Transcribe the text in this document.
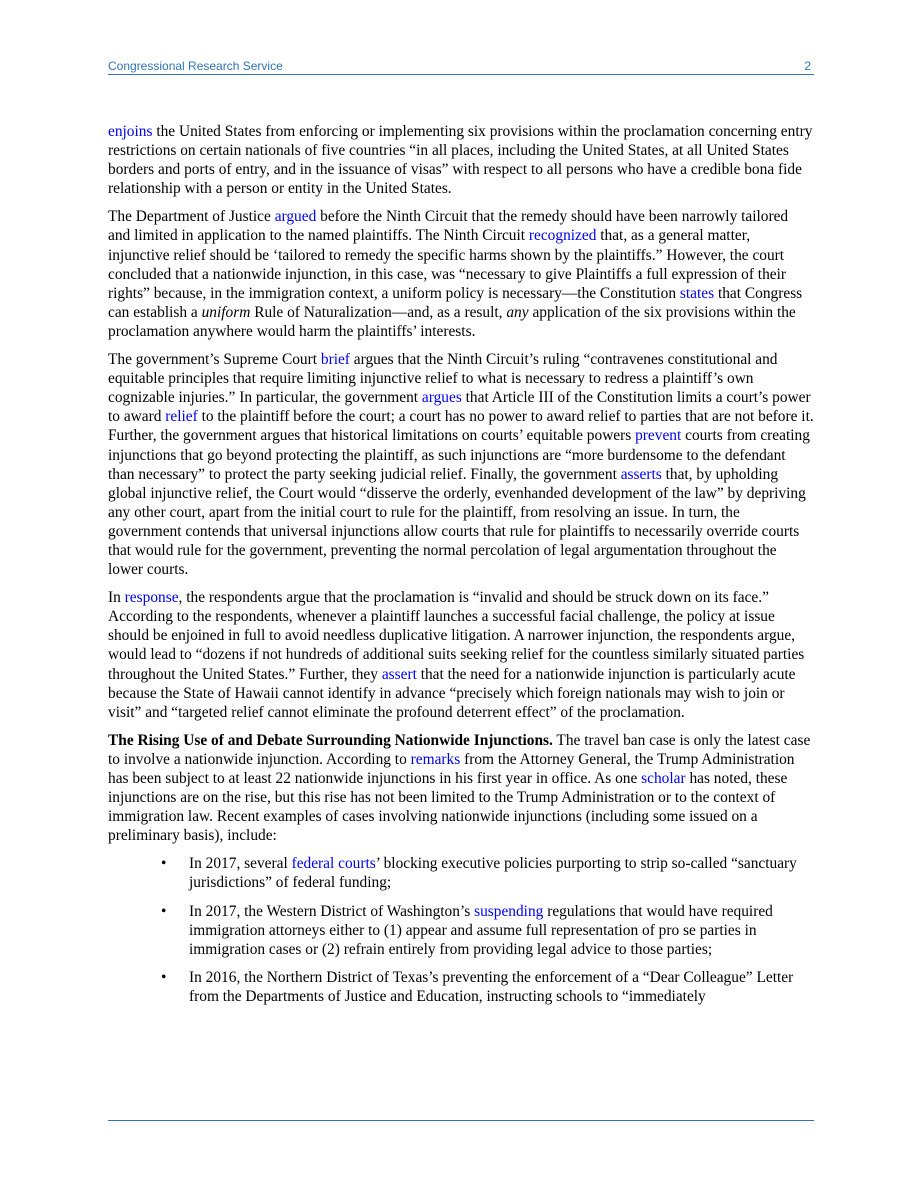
Congressional Research Service	2

enjoins the United States from enforcing or implementing six provisions within the proclamation concerning entry restrictions on certain nationals of five countries “in all places, including the United States, at all United States borders and ports of entry, and in the issuance of visas” with respect to all persons who have a credible bona fide relationship with a person or entity in the United States.

The Department of Justice argued before the Ninth Circuit that the remedy should have been narrowly tailored and limited in application to the named plaintiffs. The Ninth Circuit recognized that, as a general matter, injunctive relief should be ‘tailored to remedy the specific harms shown by the plaintiffs.” However, the court concluded that a nationwide injunction, in this case, was “necessary to give Plaintiffs a full expression of their rights” because, in the immigration context, a uniform policy is necessary—the Constitution states that Congress can establish a uniform Rule of Naturalization—and, as a result, any application of the six provisions within the proclamation anywhere would harm the plaintiffs’ interests.

The government’s Supreme Court brief argues that the Ninth Circuit’s ruling “contravenes constitutional and equitable principles that require limiting injunctive relief to what is necessary to redress a plaintiff’s own cognizable injuries.” In particular, the government argues that Article III of the Constitution limits a court’s power to award relief to the plaintiff before the court; a court has no power to award relief to parties that are not before it. Further, the government argues that historical limitations on courts’ equitable powers prevent courts from creating injunctions that go beyond protecting the plaintiff, as such injunctions are “more burdensome to the defendant than necessary” to protect the party seeking judicial relief. Finally, the government asserts that, by upholding global injunctive relief, the Court would “disserve the orderly, evenhanded development of the law” by depriving any other court, apart from the initial court to rule for the plaintiff, from resolving an issue. In turn, the government contends that universal injunctions allow courts that rule for plaintiffs to necessarily override courts that would rule for the government, preventing the normal percolation of legal argumentation throughout the lower courts.

In response, the respondents argue that the proclamation is “invalid and should be struck down on its face.” According to the respondents, whenever a plaintiff launches a successful facial challenge, the policy at issue should be enjoined in full to avoid needless duplicative litigation. A narrower injunction, the respondents argue, would lead to “dozens if not hundreds of additional suits seeking relief for the countless similarly situated parties throughout the United States.” Further, they assert that the need for a nationwide injunction is particularly acute because the State of Hawaii cannot identify in advance “precisely which foreign nationals may wish to join or visit” and “targeted relief cannot eliminate the profound deterrent effect” of the proclamation.

The Rising Use of and Debate Surrounding Nationwide Injunctions. The travel ban case is only the latest case to involve a nationwide injunction. According to remarks from the Attorney General, the Trump Administration has been subject to at least 22 nationwide injunctions in his first year in office. As one scholar has noted, these injunctions are on the rise, but this rise has not been limited to the Trump Administration or to the context of immigration law. Recent examples of cases involving nationwide injunctions (including some issued on a preliminary basis), include:

• In 2017, several federal courts’ blocking executive policies purporting to strip so-called “sanctuary jurisdictions” of federal funding;
• In 2017, the Western District of Washington’s suspending regulations that would have required immigration attorneys either to (1) appear and assume full representation of pro se parties in immigration cases or (2) refrain entirely from providing legal advice to those parties;
• In 2016, the Northern District of Texas’s preventing the enforcement of a “Dear Colleague” Letter from the Departments of Justice and Education, instructing schools to “immediately
